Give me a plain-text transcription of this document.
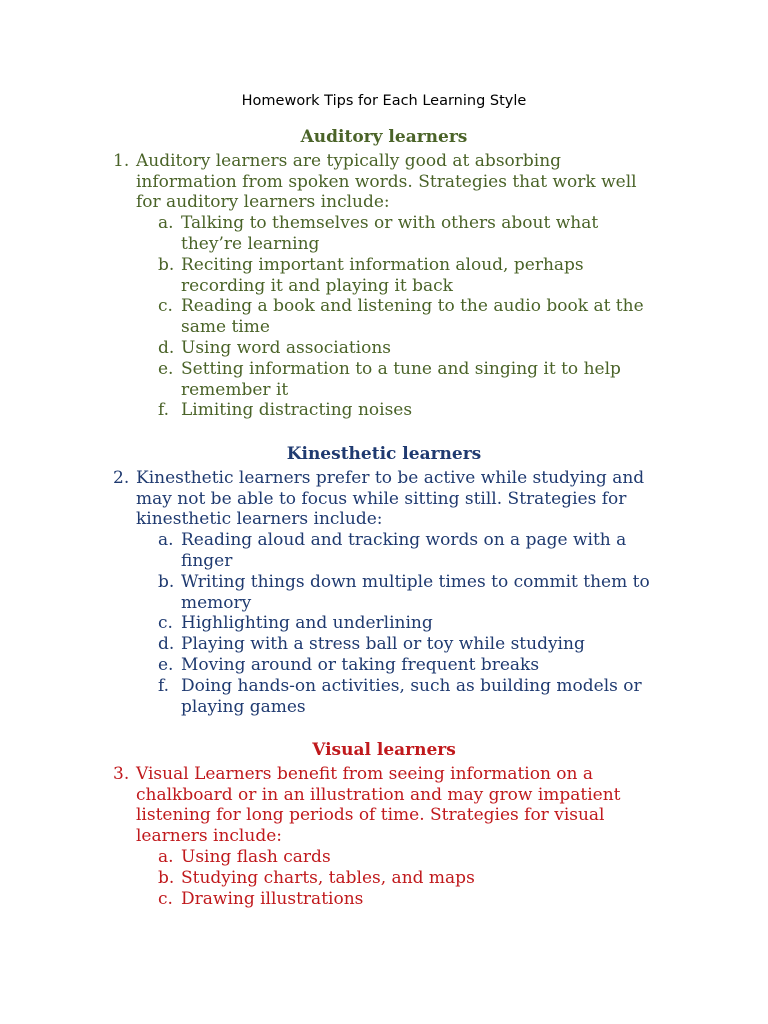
Homework Tips for Each Learning Style
Auditory learners
1. Auditory learners are typically good at absorbing
information from spoken words. Strategies that work well
for auditory learners include:
a. Talking to themselves or with others about what
they’re learning
b. Reciting important information aloud, perhaps
recording it and playing it back
c. Reading a book and listening to the audio book at the
same time
d. Using word associations
e. Setting information to a tune and singing it to help
remember it
f. Limiting distracting noises
Kinesthetic learners
2. Kinesthetic learners prefer to be active while studying and
may not be able to focus while sitting still. Strategies for
kinesthetic learners include:
a. Reading aloud and tracking words on a page with a
finger
b. Writing things down multiple times to commit them to
memory
c. Highlighting and underlining
d. Playing with a stress ball or toy while studying
e. Moving around or taking frequent breaks
f. Doing hands-on activities, such as building models or
playing games
Visual learners
3. Visual Learners benefit from seeing information on a
chalkboard or in an illustration and may grow impatient
listening for long periods of time. Strategies for visual
learners include:
a. Using flash cards
b. Studying charts, tables, and maps
c. Drawing illustrations
